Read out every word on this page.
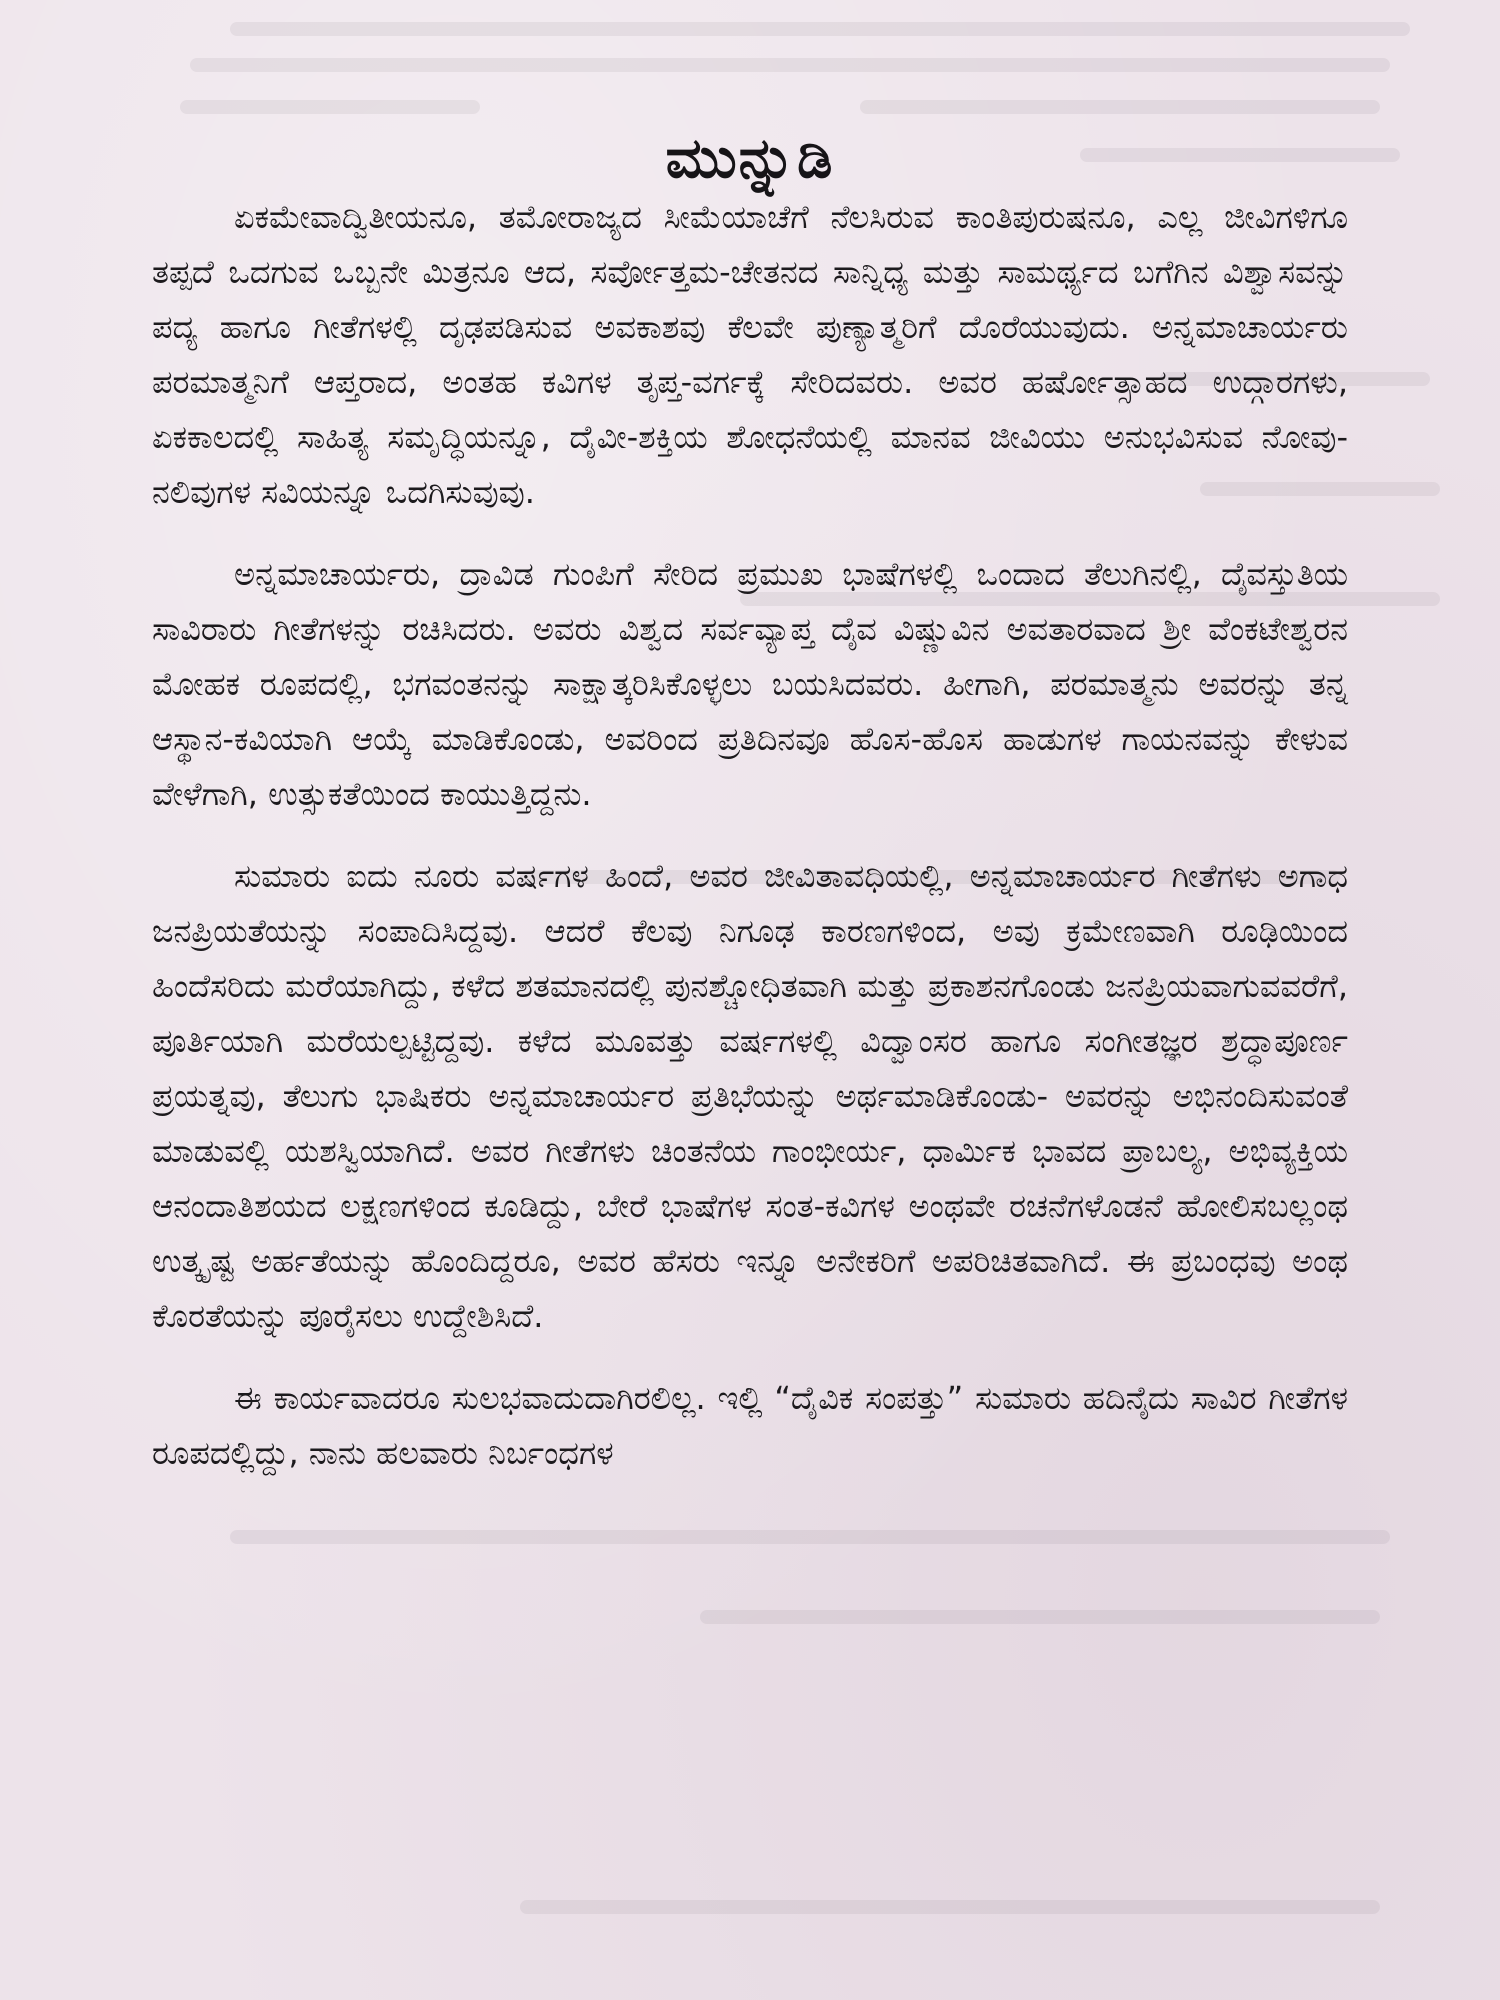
ಮುನ್ನುಡಿ

ಏಕಮೇವಾದ್ವಿತೀಯನೂ, ತಮೋರಾಜ್ಯದ ಸೀಮೆಯಾಚೆಗೆ ನೆಲಸಿರುವ ಕಾಂತಿಪುರುಷನೂ, ಎಲ್ಲ ಜೀವಿಗಳಿಗೂ ತಪ್ಪದೆ ಒದಗುವ ಒಬ್ಬನೇ ಮಿತ್ರನೂ ಆದ, ಸರ್ವೋತ್ತಮ-ಚೇತನದ ಸಾನ್ನಿಧ್ಯ ಮತ್ತು ಸಾಮರ್ಥ್ಯದ ಬಗೆಗಿನ ವಿಶ್ವಾಸವನ್ನು ಪದ್ಯ ಹಾಗೂ ಗೀತೆಗಳಲ್ಲಿ ದೃಢಪಡಿಸುವ ಅವಕಾಶವು ಕೆಲವೇ ಪುಣ್ಯಾತ್ಮರಿಗೆ ದೊರೆಯುವುದು. ಅನ್ನಮಾಚಾರ್ಯರು ಪರಮಾತ್ಮನಿಗೆ ಆಪ್ತರಾದ, ಅಂತಹ ಕವಿಗಳ ತೃಪ್ತ-ವರ್ಗಕ್ಕೆ ಸೇರಿದವರು. ಅವರ ಹರ್ಷೋತ್ಸಾಹದ ಉದ್ಗಾರಗಳು, ಏಕಕಾಲದಲ್ಲಿ ಸಾಹಿತ್ಯ ಸಮೃದ್ಧಿಯನ್ನೂ, ದೈವೀ-ಶಕ್ತಿಯ ಶೋಧನೆಯಲ್ಲಿ ಮಾನವ ಜೀವಿಯು ಅನುಭವಿಸುವ ನೋವು-ನಲಿವುಗಳ ಸವಿಯನ್ನೂ ಒದಗಿಸುವುವು.

ಅನ್ನಮಾಚಾರ್ಯರು, ದ್ರಾವಿಡ ಗುಂಪಿಗೆ ಸೇರಿದ ಪ್ರಮುಖ ಭಾಷೆಗಳಲ್ಲಿ ಒಂದಾದ ತೆಲುಗಿನಲ್ಲಿ, ದೈವಸ್ತುತಿಯ ಸಾವಿರಾರು ಗೀತೆಗಳನ್ನು ರಚಿಸಿದರು. ಅವರು ವಿಶ್ವದ ಸರ್ವವ್ಯಾಪ್ತ ದೈವ ವಿಷ್ಣುವಿನ ಅವತಾರವಾದ ಶ್ರೀ ವೆಂಕಟೇಶ್ವರನ ಮೋಹಕ ರೂಪದಲ್ಲಿ, ಭಗವಂತನನ್ನು ಸಾಕ್ಷಾತ್ಕರಿಸಿಕೊಳ್ಳಲು ಬಯಸಿದವರು. ಹೀಗಾಗಿ, ಪರಮಾತ್ಮನು ಅವರನ್ನು ತನ್ನ ಆಸ್ಥಾನ-ಕವಿಯಾಗಿ ಆಯ್ಕೆ ಮಾಡಿಕೊಂಡು, ಅವರಿಂದ ಪ್ರತಿದಿನವೂ ಹೊಸ-ಹೊಸ ಹಾಡುಗಳ ಗಾಯನವನ್ನು ಕೇಳುವ ವೇಳೆಗಾಗಿ, ಉತ್ಸುಕತೆಯಿಂದ ಕಾಯುತ್ತಿದ್ದನು.

ಸುಮಾರು ಐದು ನೂರು ವರ್ಷಗಳ ಹಿಂದೆ, ಅವರ ಜೀವಿತಾವಧಿಯಲ್ಲಿ, ಅನ್ನಮಾಚಾರ್ಯರ ಗೀತೆಗಳು ಅಗಾಧ ಜನಪ್ರಿಯತೆಯನ್ನು ಸಂಪಾದಿಸಿದ್ದವು. ಆದರೆ ಕೆಲವು ನಿಗೂಢ ಕಾರಣಗಳಿಂದ, ಅವು ಕ್ರಮೇಣವಾಗಿ ರೂಢಿಯಿಂದ ಹಿಂದೆಸರಿದು ಮರೆಯಾಗಿದ್ದು, ಕಳೆದ ಶತಮಾನದಲ್ಲಿ ಪುನಶ್ಚೋಧಿತವಾಗಿ ಮತ್ತು ಪ್ರಕಾಶನಗೊಂಡು ಜನಪ್ರಿಯವಾಗುವವರೆಗೆ, ಪೂರ್ತಿಯಾಗಿ ಮರೆಯಲ್ಪಟ್ಟಿದ್ದವು. ಕಳೆದ ಮೂವತ್ತು ವರ್ಷಗಳಲ್ಲಿ ವಿದ್ವಾಂಸರ ಹಾಗೂ ಸಂಗೀತಜ್ಞರ ಶ್ರದ್ಧಾಪೂರ್ಣ ಪ್ರಯತ್ನವು, ತೆಲುಗು ಭಾಷಿಕರು ಅನ್ನಮಾಚಾರ್ಯರ ಪ್ರತಿಭೆಯನ್ನು ಅರ್ಥಮಾಡಿಕೊಂಡು- ಅವರನ್ನು ಅಭಿನಂದಿಸುವಂತೆ ಮಾಡುವಲ್ಲಿ ಯಶಸ್ವಿಯಾಗಿದೆ. ಅವರ ಗೀತೆಗಳು ಚಿಂತನೆಯ ಗಾಂಭೀರ್ಯ, ಧಾರ್ಮಿಕ ಭಾವದ ಪ್ರಾಬಲ್ಯ, ಅಭಿವ್ಯಕ್ತಿಯ ಆನಂದಾತಿಶಯದ ಲಕ್ಷಣಗಳಿಂದ ಕೂಡಿದ್ದು, ಬೇರೆ ಭಾಷೆಗಳ ಸಂತ-ಕವಿಗಳ ಅಂಥವೇ ರಚನೆಗಳೊಡನೆ ಹೋಲಿಸಬಲ್ಲಂಥ ಉತ್ಕೃಷ್ಟ ಅರ್ಹತೆಯನ್ನು ಹೊಂದಿದ್ದರೂ, ಅವರ ಹೆಸರು ಇನ್ನೂ ಅನೇಕರಿಗೆ ಅಪರಿಚಿತವಾಗಿದೆ. ಈ ಪ್ರಬಂಧವು ಅಂಥ ಕೊರತೆಯನ್ನು ಪೂರೈಸಲು ಉದ್ದೇಶಿಸಿದೆ.

ಈ ಕಾರ್ಯವಾದರೂ ಸುಲಭವಾದುದಾಗಿರಲಿಲ್ಲ. ಇಲ್ಲಿ “ದೈವಿಕ ಸಂಪತ್ತು” ಸುಮಾರು ಹದಿನೈದು ಸಾವಿರ ಗೀತೆಗಳ ರೂಪದಲ್ಲಿದ್ದು, ನಾನು ಹಲವಾರು ನಿರ್ಬಂಧಗಳ
